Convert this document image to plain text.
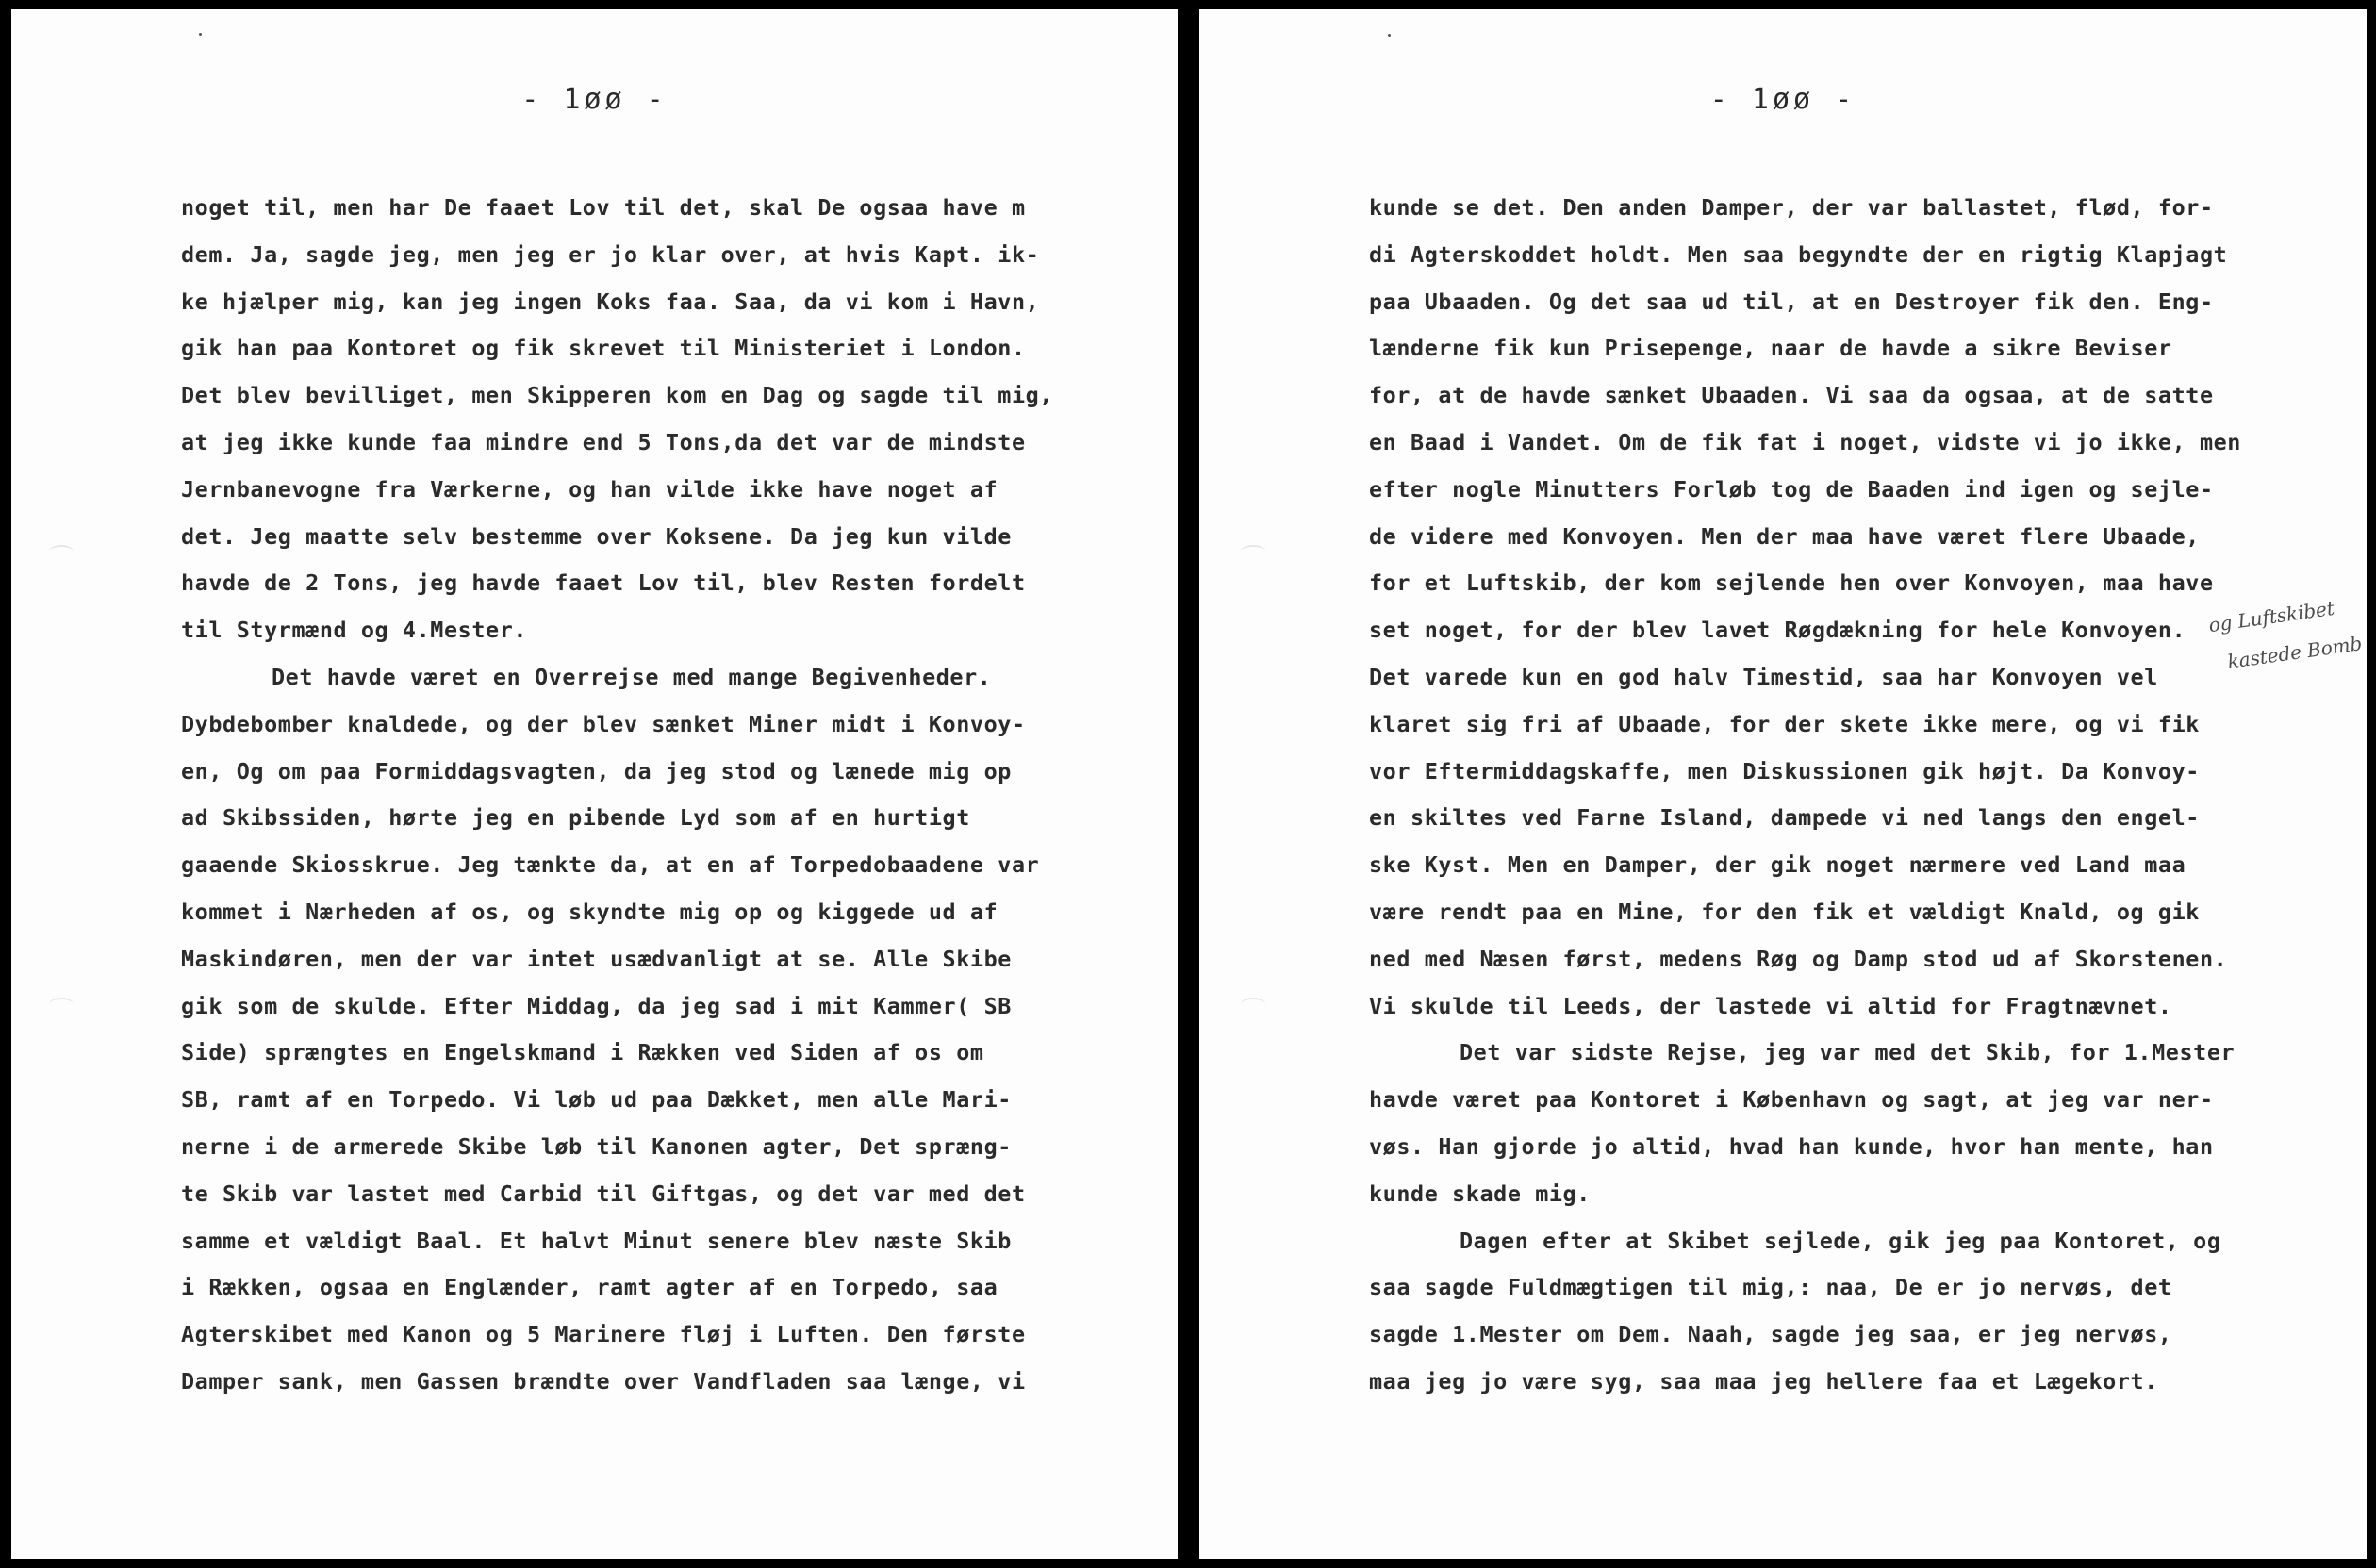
- 1øø -
noget til, men har De faaet Lov til det, skal De ogsaa have m
dem. Ja, sagde jeg, men jeg er jo klar over, at hvis Kapt. ik-
ke hjælper mig, kan jeg ingen Koks faa. Saa, da vi kom i Havn,
gik han paa Kontoret og fik skrevet til Ministeriet i London.
Det blev bevilliget, men Skipperen kom en Dag og sagde til mig,
at jeg ikke kunde faa mindre end 5 Tons,da det var de mindste
Jernbanevogne fra Værkerne, og han vilde ikke have noget af
det. Jeg maatte selv bestemme over Koksene. Da jeg kun vilde
havde de 2 Tons, jeg havde faaet Lov til, blev Resten fordelt
til Styrmænd og 4.Mester.
Det havde været en Overrejse med mange Begivenheder.
Dybdebomber knaldede, og der blev sænket Miner midt i Konvoy-
en, Og om paa Formiddagsvagten, da jeg stod og lænede mig op
ad Skibssiden, hørte jeg en pibende Lyd som af en hurtigt
gaaende Skiosskrue. Jeg tænkte da, at en af Torpedobaadene var
kommet i Nærheden af os, og skyndte mig op og kiggede ud af
Maskindøren, men der var intet usædvanligt at se. Alle Skibe
gik som de skulde. Efter Middag, da jeg sad i mit Kammer( SB
Side) sprængtes en Engelskmand i Rækken ved Siden af os om
SB, ramt af en Torpedo. Vi løb ud paa Dækket, men alle Mari-
nerne i de armerede Skibe løb til Kanonen agter, Det spræng-
te Skib var lastet med Carbid til Giftgas, og det var med det
samme et vældigt Baal. Et halvt Minut senere blev næste Skib
i Rækken, ogsaa en Englænder, ramt agter af en Torpedo, saa
Agterskibet med Kanon og 5 Marinere fløj i Luften. Den første
Damper sank, men Gassen brændte over Vandfladen saa længe, vi
- 1øø -
kunde se det. Den anden Damper, der var ballastet, flød, for-
di Agterskoddet holdt. Men saa begyndte der en rigtig Klapjagt
paa Ubaaden. Og det saa ud til, at en Destroyer fik den. Eng-
lænderne fik kun Prisepenge, naar de havde a sikre Beviser
for, at de havde sænket Ubaaden. Vi saa da ogsaa, at de satte
en Baad i Vandet. Om de fik fat i noget, vidste vi jo ikke, men
efter nogle Minutters Forløb tog de Baaden ind igen og sejle-
de videre med Konvoyen. Men der maa have været flere Ubaade,
for et Luftskib, der kom sejlende hen over Konvoyen, maa have
set noget, for der blev lavet Røgdækning for hele Konvoyen.
Det varede kun en god halv Timestid, saa har Konvoyen vel
klaret sig fri af Ubaade, for der skete ikke mere, og vi fik
vor Eftermiddagskaffe, men Diskussionen gik højt. Da Konvoy-
en skiltes ved Farne Island, dampede vi ned langs den engel-
ske Kyst. Men en Damper, der gik noget nærmere ved Land maa
være rendt paa en Mine, for den fik et vældigt Knald, og gik
ned med Næsen først, medens Røg og Damp stod ud af Skorstenen.
Vi skulde til Leeds, der lastede vi altid for Fragtnævnet.
Det var sidste Rejse, jeg var med det Skib, for 1.Mester
havde været paa Kontoret i København og sagt, at jeg var ner-
vøs. Han gjorde jo altid, hvad han kunde, hvor han mente, han
kunde skade mig.
Dagen efter at Skibet sejlede, gik jeg paa Kontoret, og
saa sagde Fuldmægtigen til mig,: naa, De er jo nervøs, det
sagde 1.Mester om Dem. Naah, sagde jeg saa, er jeg nervøs,
maa jeg jo være syg, saa maa jeg hellere faa et Lægekort.
og Luftskibet
kastede Bomb
